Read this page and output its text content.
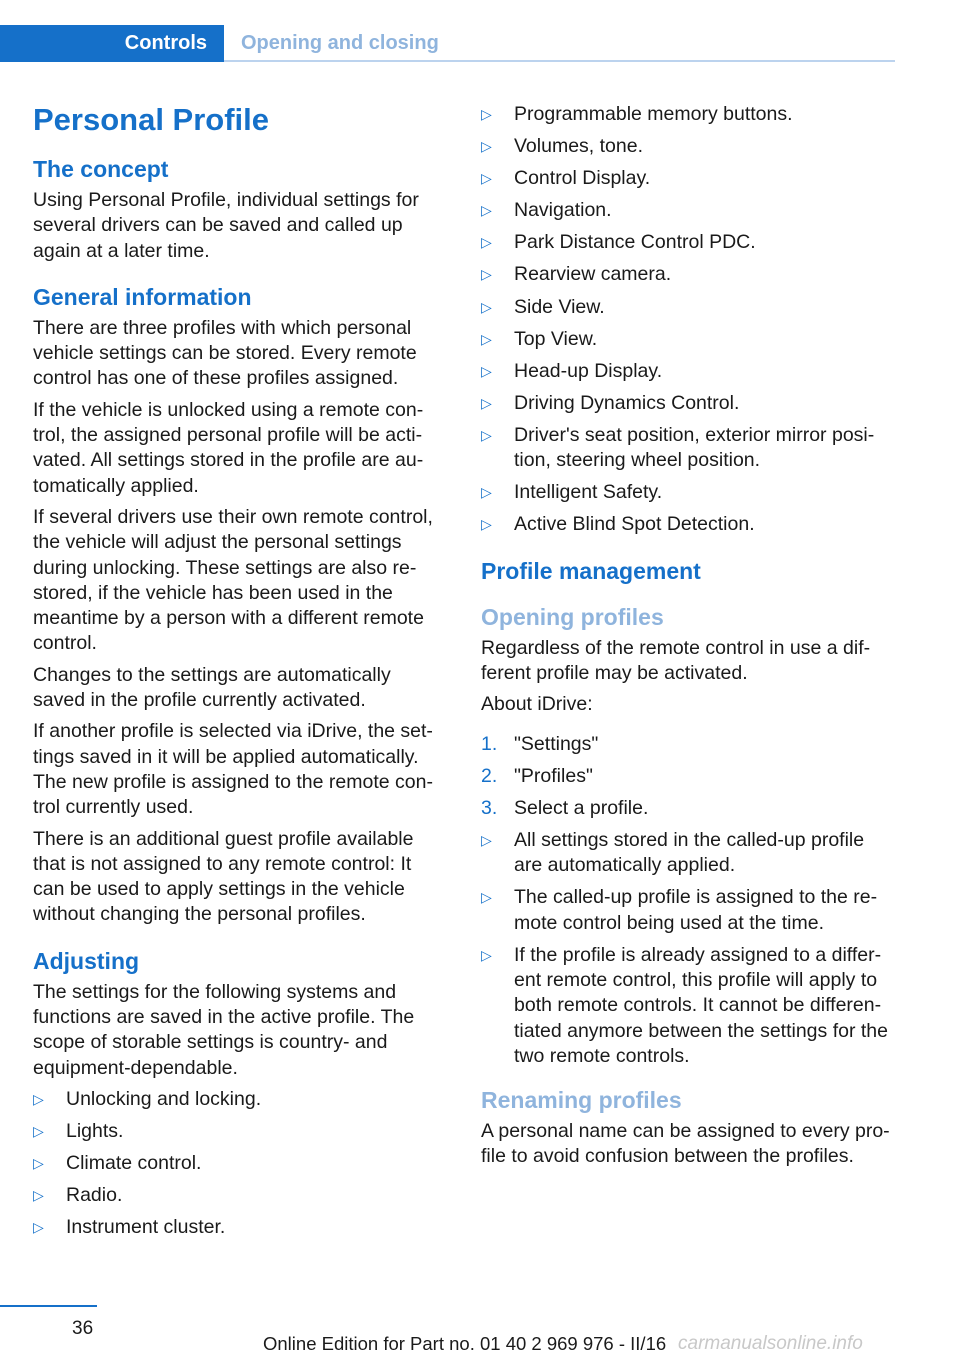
Controls	Opening and closing
Personal Profile
The concept

Using Personal Profile, individual settings for several drivers can be saved and called up again at a later time.

General information

There are three profiles with which personal vehicle settings can be stored. Every remote control has one of these profiles assigned.

If the vehicle is unlocked using a remote con‐trol, the assigned personal profile will be acti‐vated. All settings stored in the profile are au‐tomatically applied.

If several drivers use their own remote control, the vehicle will adjust the personal settings during unlocking. These settings are also re‐stored, if the vehicle has been used in the meantime by a person with a different remote control.

Changes to the settings are automatically saved in the profile currently activated.

If another profile is selected via iDrive, the set‐tings saved in it will be applied automatically. The new profile is assigned to the remote con‐trol currently used.

There is an additional guest profile available that is not assigned to any remote control: It can be used to apply settings in the vehicle without changing the personal profiles.

Adjusting

The settings for the following systems and functions are saved in the active profile. The scope of storable settings is country- and equipment-dependable.

▷ Unlocking and locking.
▷ Lights.
▷ Climate control.
▷ Radio.
▷ Instrument cluster.
▷ Programmable memory buttons.
▷ Volumes, tone.
▷ Control Display.
▷ Navigation.
▷ Park Distance Control PDC.
▷ Rearview camera.
▷ Side View.
▷ Top View.
▷ Head-up Display.
▷ Driving Dynamics Control.
▷ Driver's seat position, exterior mirror posi‐tion, steering wheel position.
▷ Intelligent Safety.
▷ Active Blind Spot Detection.
Profile management
Opening profiles

Regardless of the remote control in use a dif‐ferent profile may be activated.

About iDrive:

1. "Settings"
2. "Profiles"
3. Select a profile.
▷ All settings stored in the called-up profile are automatically applied.
▷ The called-up profile is assigned to the re‐mote control being used at the time.
▷ If the profile is already assigned to a differ‐ent remote control, this profile will apply to both remote controls. It cannot be differen‐tiated anymore between the settings for the two remote controls.
Renaming profiles

A personal name can be assigned to every pro‐file to avoid confusion between the profiles.

36
Online Edition for Part no. 01 40 2 969 976 - II/16 carmanualsonline.info
